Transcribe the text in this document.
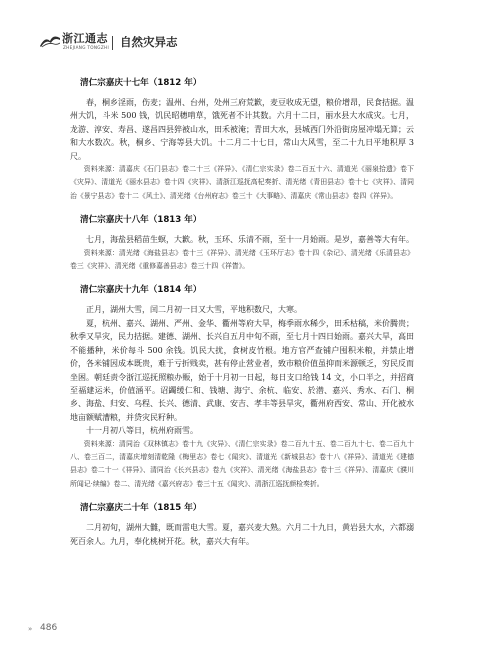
浙江通志
ZHEJIANG TONGZHI 自然灾异志
清仁宗嘉庆十七年（1812 年）

春，桐乡淫雨，伤麦；温州、台州，处州三府荒歉，麦豆收成无望，粮价增昂，民食拮据。温州大饥，斗米 500 钱，饥民昭穗啃草，饿死者不计其数。六月十二日，丽水县大水成灾。七月，龙游、淳安、寿昌、遂昌四县猝被山水，田禾被淹；青田大水，县城西门外沿街房屋冲塌无算；云和大水数次。秋，桐乡、宁海等县大饥。十二月二十七日，常山大风雪，至二十九日平地积厚 3 尺。

资料来源：清嘉庆《石门县志》卷二十三《祥异》、《清仁宗实录》卷二百五十六、清道光《丽泉拾遗》卷下《灾异》、清道光《丽水县志》卷十四《灾祥》、清浙江巡抚高杞奏折、清光绪《青田县志》卷十七《灾祥》、清同治《景宁县志》卷十二《风土》、清光绪《台州府志》卷三十《大事略》、清嘉庆《常山县志》卷四《祥异》。

清仁宗嘉庆十八年（1813 年）

七月，海盐县稻苗生螟，大歉。秋，玉环、乐清不雨，至十一月始雨。是岁，嘉善等大有年。

资料来源：清光绪《海盐县志》卷十三《祥异》、清光绪《玉环厅志》卷十四《杂记》、清光绪《乐清县志》卷三《灾祥》、清光绪《重修嘉善县志》卷三十四《祥眚》。

清仁宗嘉庆十九年（1814 年）

正月，湖州大雪，闰二月初一日又大雪，平地积数尺，大寒。

夏，杭州、嘉兴、湖州、严州、金华、衢州等府大旱，梅季雨水稀少，田禾枯稿，米价腾贵；秋季又旱灾，民力拮据。建德、湖州、长兴自五月中旬不雨，至七月十四日始雨。嘉兴大旱，高田不能播种，米价每斗 500 余钱。饥民大扰，食树皮竹根。地方官严查铺户囤积米粮，并禁止增价，各米铺因成本既贵，难于亏折贱卖，甚有停止营业者，致市粮价值虽抑而米源顿乏，穷民反而坐困。朝廷责令浙江巡抚照粮办赈，始于十月初一日起，每日支口给钱 14 文，小口半之，并招商至福建运米，价值涵平。诏蠲缓仁和、钱塘、海宁、余杭、临安、於潜、嘉兴、秀水、石门、桐乡、海盐、归安、乌程、长兴、德清、武康、安吉、孝丰等县旱灾，衢州府西安、常山、开化被水地亩额赋漕粮，并贷灾民籽种。

十一月初八等日，杭州府雨雪。

资料来源：清同治《双林镇志》卷十九《灾异》、《清仁宗实录》卷二百九十五、卷二百九十七、卷二百九十八、卷三百二，清嘉庆增刻清乾隆《梅里志》卷七《闻灾》、清道光《新城县志》卷十八《祥异》、清道光《建德县志》卷二十一《祥异》、清同治《长兴县志》卷九《灾祥》、清光绪《海盐县志》卷十三《祥异》、清嘉庆《濮川所闻记·续编》卷二、清光绪《嘉兴府志》卷三十五《闻灾》、清浙江巡抚颜检奏折。

清仁宗嘉庆二十年（1815 年）

二月初旬，湖州大雠，既而雷电大雪。夏，嘉兴麦大熟。六月二十九日，黄岩县大水，六都溺死百余人。九月，奉化桃树开花。秋，嘉兴大有年。

» 486
